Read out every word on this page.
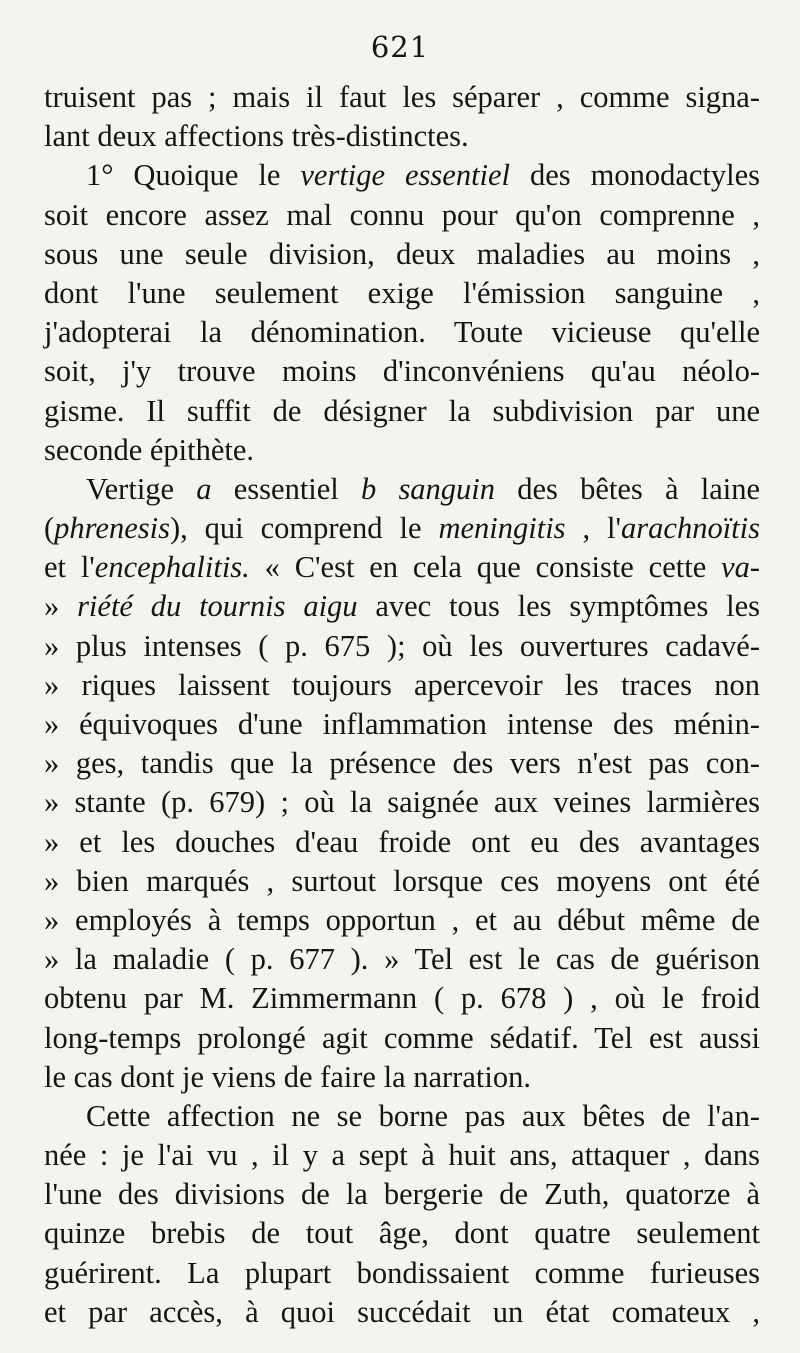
621
truisent pas ; mais il faut les séparer , comme signa-
lant deux affections très-distinctes.
1° Quoique le vertige essentiel des monodactyles
soit encore assez mal connu pour qu'on comprenne ,
sous une seule division, deux maladies au moins ,
dont l'une seulement exige l'émission sanguine ,
j'adopterai la dénomination. Toute vicieuse qu'elle
soit, j'y trouve moins d'inconvéniens qu'au néolo-
gisme. Il suffit de désigner la subdivision par une
seconde épithète.
Vertige a essentiel b sanguin des bêtes à laine
(phrenesis), qui comprend le meningitis , l'arachnoïtis
et l'encephalitis. « C'est en cela que consiste cette va-
» riété du tournis aigu avec tous les symptômes les
» plus intenses ( p. 675 ); où les ouvertures cadavé-
» riques laissent toujours apercevoir les traces non
» équivoques d'une inflammation intense des ménin-
» ges, tandis que la présence des vers n'est pas con-
» stante (p. 679) ; où la saignée aux veines larmières
» et les douches d'eau froide ont eu des avantages
» bien marqués , surtout lorsque ces moyens ont été
» employés à temps opportun , et au début même de
» la maladie ( p. 677 ). » Tel est le cas de guérison
obtenu par M. Zimmermann ( p. 678 ) , où le froid
long-temps prolongé agit comme sédatif. Tel est aussi
le cas dont je viens de faire la narration.
Cette affection ne se borne pas aux bêtes de l'an-
née : je l'ai vu , il y a sept à huit ans, attaquer , dans
l'une des divisions de la bergerie de Zuth, quatorze à
quinze brebis de tout âge, dont quatre seulement
guérirent. La plupart bondissaient comme furieuses
et par accès, à quoi succédait un état comateux ,
